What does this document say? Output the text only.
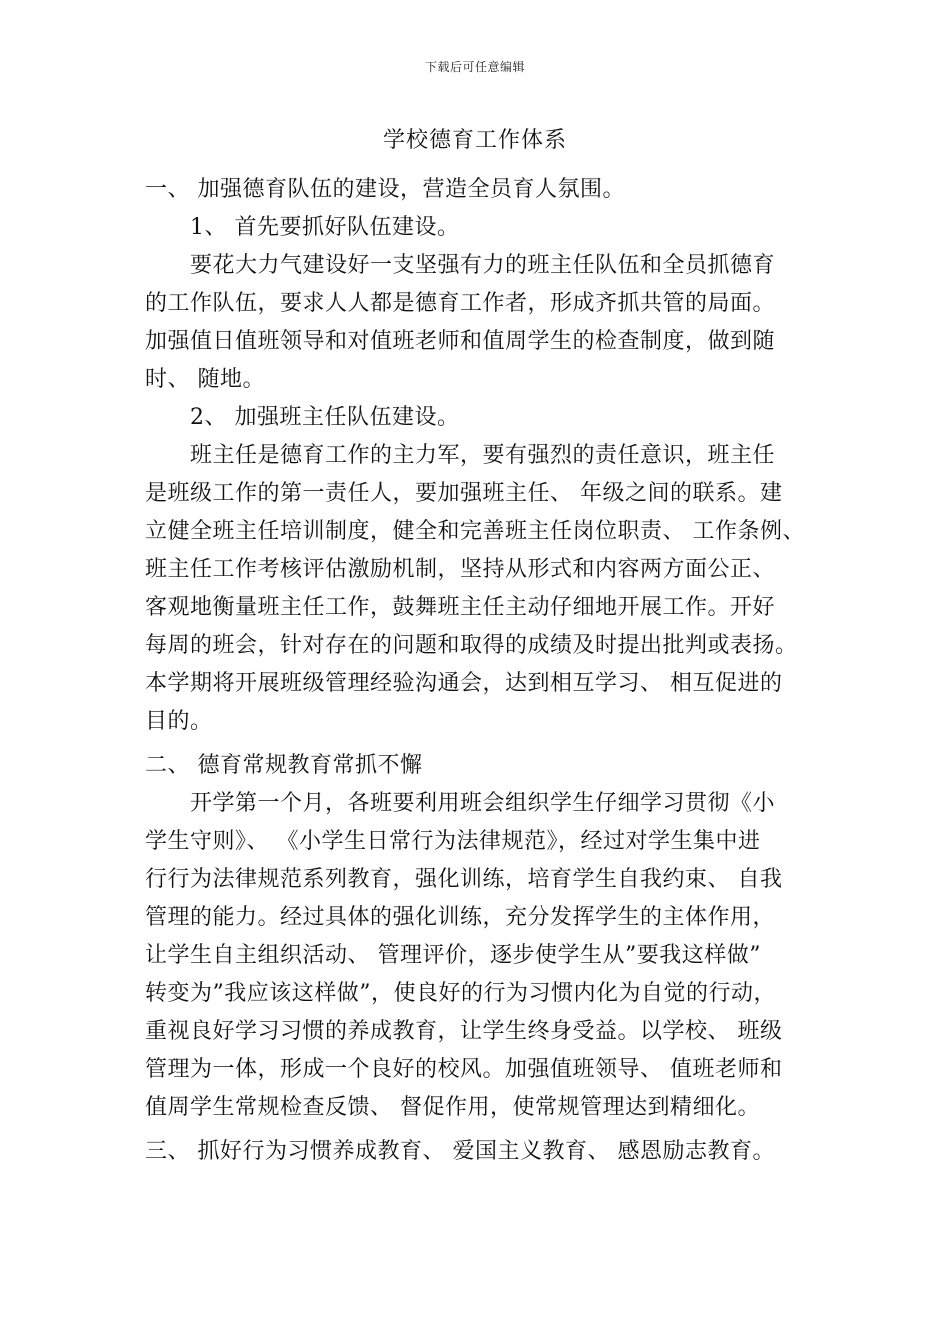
下载后可任意编辑
学校德育工作体系
一、 加强德育队伍的建设，营造全员育人氛围。
1、 首先要抓好队伍建设。
要花大力气建设好一支坚强有力的班主任队伍和全员抓德育
的工作队伍，要求人人都是德育工作者，形成齐抓共管的局面。
加强值日值班领导和对值班老师和值周学生的检查制度，做到随
时、 随地。
2、 加强班主任队伍建设。
班主任是德育工作的主力军，要有强烈的责任意识，班主任
是班级工作的第一责任人，要加强班主任、 年级之间的联系。建
立健全班主任培训制度，健全和完善班主任岗位职责、 工作条例、
班主任工作考核评估激励机制，坚持从形式和内容两方面公正、
客观地衡量班主任工作，鼓舞班主任主动仔细地开展工作。开好
每周的班会，针对存在的问题和取得的成绩及时提出批判或表扬。
本学期将开展班级管理经验沟通会，达到相互学习、 相互促进的
目的。
二、 德育常规教育常抓不懈
开学第一个月，各班要利用班会组织学生仔细学习贯彻《小
学生守则》、 《小学生日常行为法律规范》，经过对学生集中进
行行为法律规范系列教育，强化训练，培育学生自我约束、 自我
管理的能力。经过具体的强化训练，充分发挥学生的主体作用，
让学生自主组织活动、 管理评价，逐步使学生从”要我这样做”
转变为”我应该这样做”，使良好的行为习惯内化为自觉的行动，
重视良好学习习惯的养成教育，让学生终身受益。以学校、 班级
管理为一体，形成一个良好的校风。加强值班领导、 值班老师和
值周学生常规检查反馈、 督促作用，使常规管理达到精细化。
三、 抓好行为习惯养成教育、 爱国主义教育、 感恩励志教育。
